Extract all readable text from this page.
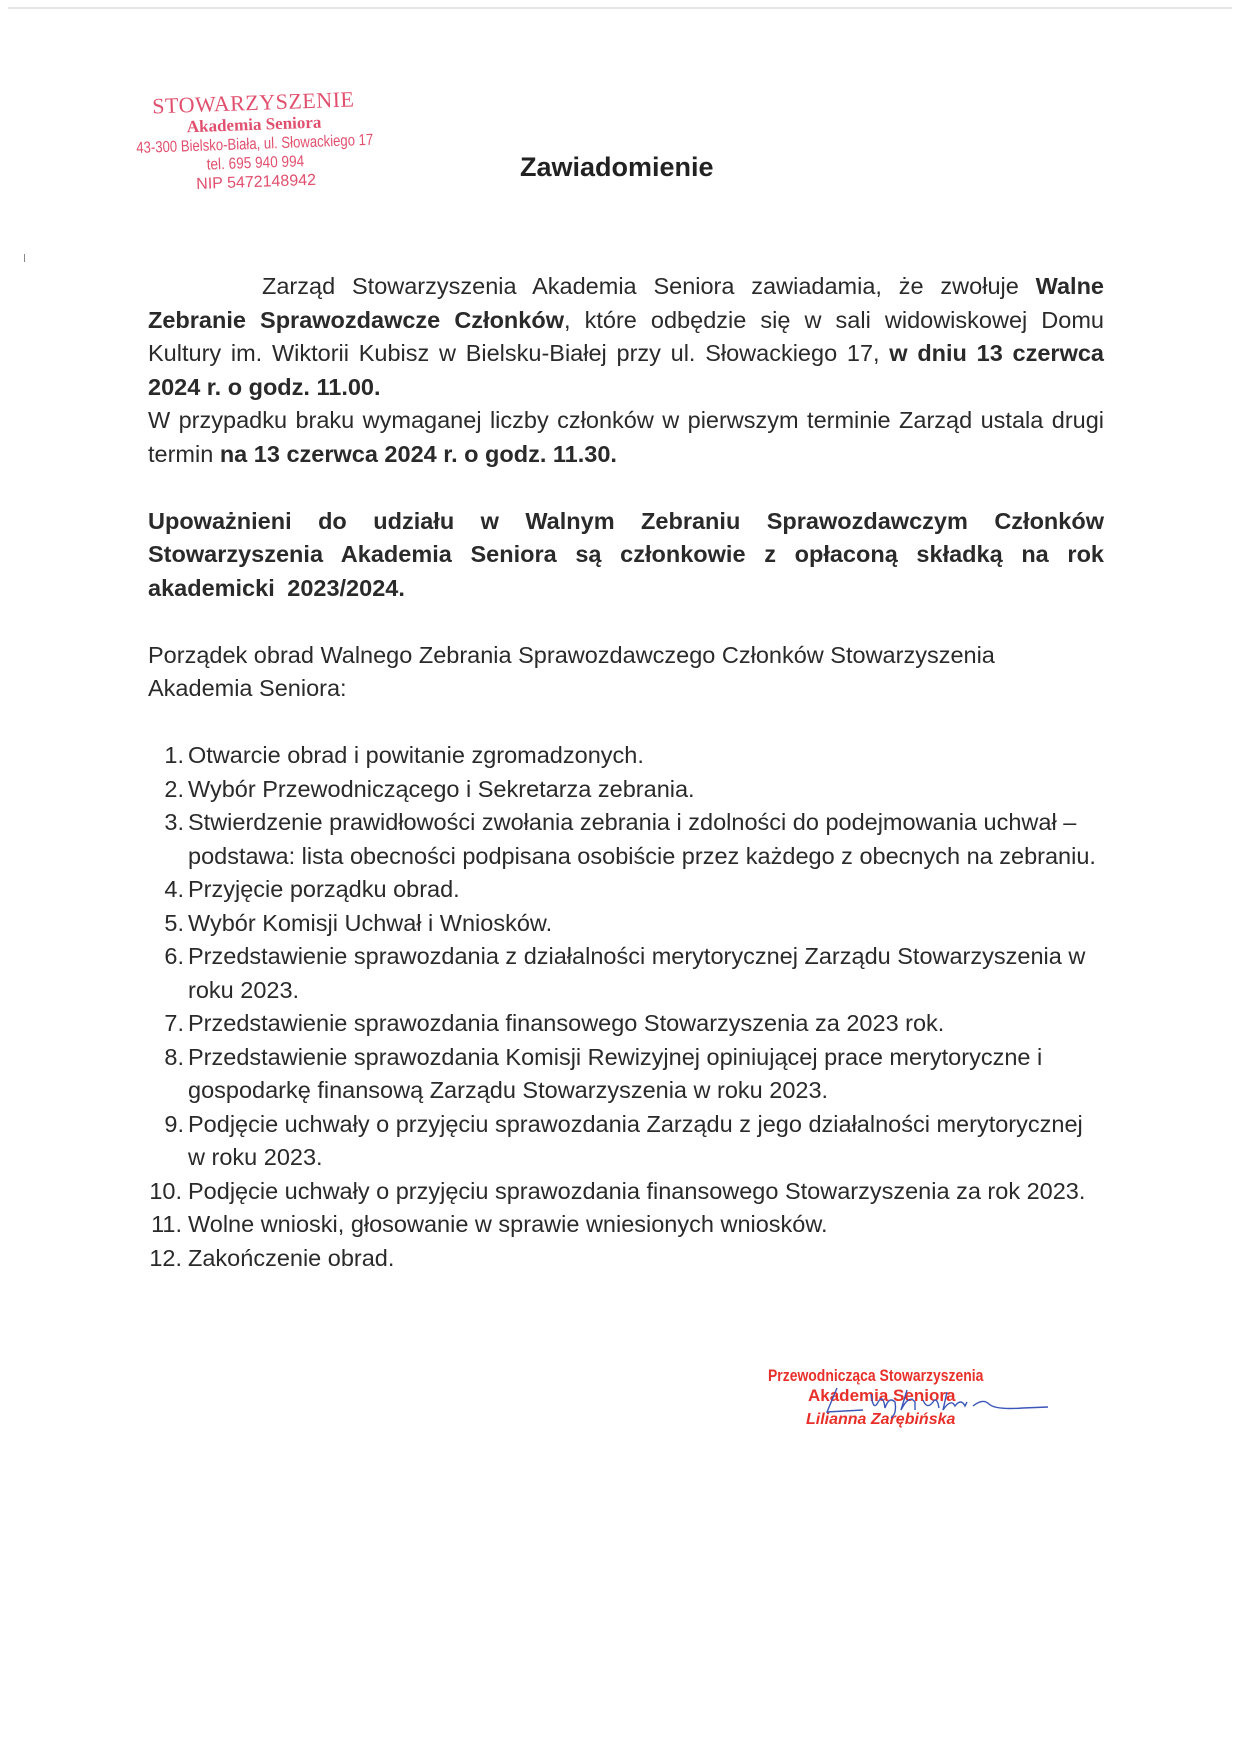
STOWARZYSZENIE
Akademia Seniora
43-300 Bielsko-Biała, ul. Słowackiego 17
tel. 695 940 994
NIP 5472148942
Zawiadomienie

Zarząd Stowarzyszenia Akademia Seniora zawiadamia, że zwołuje Walne Zebranie Sprawozdawcze Członków, które odbędzie się w sali widowiskowej Domu Kultury im. Wiktorii Kubisz w Bielsku-Białej przy ul. Słowackiego 17, w dniu 13 czerwca 2024 r. o godz. 11.00.

W przypadku braku wymaganej liczby członków w pierwszym terminie Zarząd ustala drugi termin na 13 czerwca 2024 r. o godz. 11.30.

Upoważnieni do udziału w Walnym Zebraniu Sprawozdawczym Członków Stowarzyszenia Akademia Seniora są członkowie z opłaconą składką na rok akademicki 2023/2024.

Porządek obrad Walnego Zebrania Sprawozdawczego Członków Stowarzyszenia Akademia Seniora:

1. Otwarcie obrad i powitanie zgromadzonych.
2. Wybór Przewodniczącego i Sekretarza zebrania.
3. Stwierdzenie prawidłowości zwołania zebrania i zdolności do podejmowania uchwał – podstawa: lista obecności podpisana osobiście przez każdego z obecnych na zebraniu.
4. Przyjęcie porządku obrad.
5. Wybór Komisji Uchwał i Wniosków.
6. Przedstawienie sprawozdania z działalności merytorycznej Zarządu Stowarzyszenia w roku 2023.
7. Przedstawienie sprawozdania finansowego Stowarzyszenia za 2023 rok.
8. Przedstawienie sprawozdania Komisji Rewizyjnej opiniującej prace merytoryczne i gospodarkę finansową Zarządu Stowarzyszenia w roku 2023.
9. Podjęcie uchwały o przyjęciu sprawozdania Zarządu z jego działalności merytorycznej w roku 2023.
10. Podjęcie uchwały o przyjęciu sprawozdania finansowego Stowarzyszenia za rok 2023.
11. Wolne wnioski, głosowanie w sprawie wniesionych wniosków.
12. Zakończenie obrad.
Przewodnicząca Stowarzyszenia
Akademia Seniora
Lilianna Zarębińska
